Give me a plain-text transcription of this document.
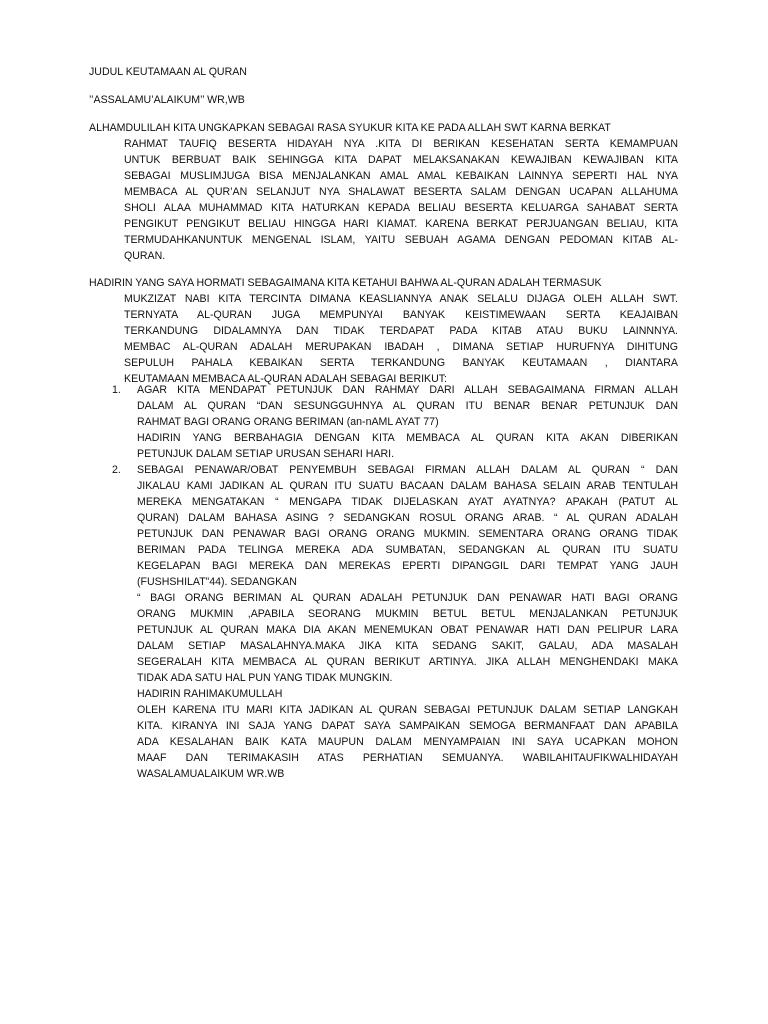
JUDUL KEUTAMAAN AL QURAN
’’ASSALAMU’ALAIKUM’’ WR,WB
ALHAMDULILAH KITA UNGKAPKAN SEBAGAI RASA SYUKUR KITA KE PADA ALLAH SWT KARNA BERKAT
RAHMAT TAUFIQ BESERTA HIDAYAH NYA .KITA DI BERIKAN KESEHATAN SERTA KEMAMPUAN
UNTUK BERBUAT BAIK SEHINGGA KITA DAPAT MELAKSANAKAN KEWAJIBAN KEWAJIBAN KITA
SEBAGAI MUSLIMJUGA BISA MENJALANKAN AMAL AMAL KEBAIKAN LAINNYA SEPERTI HAL NYA
MEMBACA AL QUR’AN SELANJUT NYA SHALAWAT BESERTA SALAM DENGAN UCAPAN ALLAHUMA
SHOLI ALAA MUHAMMAD KITA HATURKAN KEPADA BELIAU BESERTA KELUARGA SAHABAT SERTA
PENGIKUT PENGIKUT BELIAU HINGGA HARI KIAMAT. KARENA BERKAT PERJUANGAN BELIAU, KITA
TERMUDAHKANUNTUK MENGENAL ISLAM, YAITU SEBUAH AGAMA DENGAN PEDOMAN KITAB AL-
QURAN.
HADIRIN YANG SAYA HORMATI SEBAGAIMANA KITA KETAHUI BAHWA AL-QURAN ADALAH TERMASUK
MUKZIZAT NABI KITA TERCINTA DIMANA KEASLIANNYA ANAK SELALU DIJAGA OLEH ALLAH SWT.
TERNYATA AL-QURAN JUGA MEMPUNYAI BANYAK KEISTIMEWAAN SERTA KEAJAIBAN
TERKANDUNG DIDALAMNYA DAN TIDAK TERDAPAT PADA KITAB ATAU BUKU LAINNNYA.
MEMBAC AL-QURAN ADALAH MERUPAKAN IBADAH , DIMANA SETIAP HURUFNYA DIHITUNG
SEPULUH PAHALA KEBAIKAN SERTA TERKANDUNG BANYAK KEUTAMAAN , DIANTARA
KEUTAMAAN MEMBACA AL-QURAN ADALAH SEBAGAI BERIKUT:
1. AGAR KITA MENDAPAT PETUNJUK DAN RAHMAY DARI ALLAH SEBAGAIMANA FIRMAN ALLAH
DALAM AL QURAN “DAN SESUNGGUHNYA AL QURAN ITU BENAR BENAR PETUNJUK DAN
RAHMAT BAGI ORANG ORANG BERIMAN (an-nAML AYAT 77)
HADIRIN YANG BERBAHAGIA DENGAN KITA MEMBACA AL QURAN KITA AKAN DIBERIKAN
PETUNJUK DALAM SETIAP URUSAN SEHARI HARI.
2. SEBAGAI PENAWAR/OBAT PENYEMBUH SEBAGAI FIRMAN ALLAH DALAM AL QURAN “ DAN
JIKALAU KAMI JADIKAN AL QURAN ITU SUATU BACAAN DALAM BAHASA SELAIN ARAB TENTULAH
MEREKA MENGATAKAN “ MENGAPA TIDAK DIJELASKAN AYAT AYATNYA? APAKAH (PATUT AL
QURAN) DALAM BAHASA ASING ? SEDANGKAN ROSUL ORANG ARAB. “ AL QURAN ADALAH
PETUNJUK DAN PENAWAR BAGI ORANG ORANG MUKMIN. SEMENTARA ORANG ORANG TIDAK
BERIMAN PADA TELINGA MEREKA ADA SUMBATAN, SEDANGKAN AL QURAN ITU SUATU
KEGELAPAN BAGI MEREKA DAN MEREKAS EPERTI DIPANGGIL DARI TEMPAT YANG JAUH
(FUSHSHILAT”44). SEDANGKAN
“ BAGI ORANG BERIMAN AL QURAN ADALAH PETUNJUK DAN PENAWAR HATI BAGI ORANG
ORANG MUKMIN ,APABILA SEORANG MUKMIN BETUL BETUL MENJALANKAN PETUNJUK
PETUNJUK AL QURAN MAKA DIA AKAN MENEMUKAN OBAT PENAWAR HATI DAN PELIPUR LARA
DALAM SETIAP MASALAHNYA.MAKA JIKA KITA SEDANG SAKIT, GALAU, ADA MASALAH
SEGERALAH KITA MEMBACA AL QURAN BERIKUT ARTINYA. JIKA ALLAH MENGHENDAKI MAKA
TIDAK ADA SATU HAL PUN YANG TIDAK MUNGKIN.
HADIRIN RAHIMAKUMULLAH
OLEH KARENA ITU MARI KITA JADIKAN AL QURAN SEBAGAI PETUNJUK DALAM SETIAP LANGKAH
KITA. KIRANYA INI SAJA YANG DAPAT SAYA SAMPAIKAN SEMOGA BERMANFAAT DAN APABILA
ADA KESALAHAN BAIK KATA MAUPUN DALAM MENYAMPAIAN INI SAYA UCAPKAN MOHON
MAAF DAN TERIMAKASIH ATAS PERHATIAN SEMUANYA. WABILAHITAUFIKWALHIDAYAH
WASALAMUALAIKUM WR.WB
